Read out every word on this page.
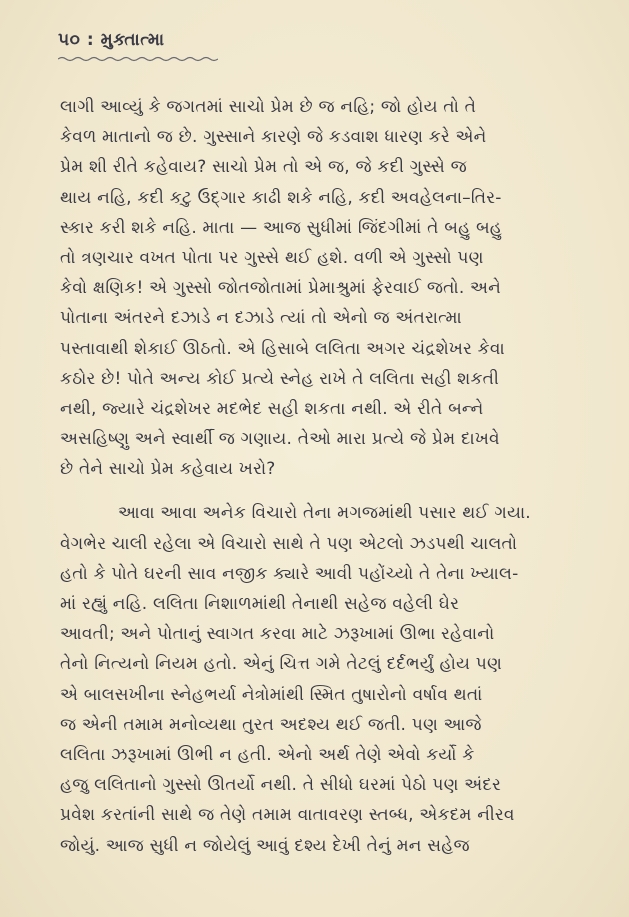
૫૦ : મુક્તાત્મા
લાગી આવ્યું કે જગતમાં સાચો પ્રેમ છે જ નહિ; જો હોય તો તે
કેવળ માતાનો જ છે. ગુસ્સાને કારણે જે કડવાશ ધારણ કરે એને
પ્રેમ શી રીતે કહેવાય? સાચો પ્રેમ તો એ જ, જે કદી ગુસ્સે જ
થાય નહિ, કદી કટુ ઉદ્ગાર કાઢી શકે નહિ, કદી અવહેલના–તિર-
સ્કાર કરી શકે નહિ. માતા — આજ સુધીમાં જિંદગીમાં તે બહુ બહુ
તો ત્રણચાર વખત પોતા પર ગુસ્સે થઈ હશે. વળી એ ગુસ્સો પણ
કેવો ક્ષણિક! એ ગુસ્સો જોતજોતામાં પ્રેમાશ્રુમાં ફેરવાઈ જતો. અને
પોતાના અંતરને દઝાડે ન દઝાડે ત્યાં તો એનો જ અંતરાત્મા
પસ્તાવાથી શેકાઈ ઊઠતો. એ હિસાબે લલિતા અગર ચંદ્રશેખર કેવા
કઠોર છે! પોતે અન્ય કોઈ પ્રત્યે સ્નેહ રાખે તે લલિતા સહી શકતી
નથી, જ્યારે ચંદ્રશેખર મદભેદ સહી શકતા નથી. એ રીતે બન્ને
અસહિષ્ણુ અને સ્વાર્થી જ ગણાય. તેઓ મારા પ્રત્યે જે પ્રેમ દાખવે
છે તેને સાચો પ્રેમ કહેવાય ખરો?
આવા આવા અનેક વિચારો તેના મગજમાંથી પસાર થઈ ગયા.
વેગભેર ચાલી રહેલા એ વિચારો સાથે તે પણ એટલો ઝડપથી ચાલતો
હતો કે પોતે ઘરની સાવ નજીક ક્યારે આવી પહોંચ્યો તે તેના ખ્યાલ-
માં રહ્યું નહિ. લલિતા નિશાળમાંથી તેનાથી સહેજ વહેલી ઘેર
આવતી; અને પોતાનું સ્વાગત કરવા માટે ઝરૂખામાં ઊભા રહેવાનો
તેનો નિત્યનો નિયમ હતો. એનું ચિત્ત ગમે તેટલું દર્દભર્યું હોય પણ
એ બાલસખીના સ્નેહભર્યા નેત્રોમાંથી સ્મિત તુષારોનો વર્ષાવ થતાં
જ એની તમામ મનોવ્યથા તુરત અદશ્ય થઈ જતી. પણ આજે
લલિતા ઝરૂખામાં ઊભી ન હતી. એનો અર્થ તેણે એવો કર્યો કે
હજુ લલિતાનો ગુસ્સો ઊતર્યો નથી. તે સીધો ઘરમાં પેઠો પણ અંદર
પ્રવેશ કરતાંની સાથે જ તેણે તમામ વાતાવરણ સ્તબ્ધ, એકદમ નીરવ
જોયું. આજ સુધી ન જોયેલું આવું દશ્ય દેખી તેનું મન સહેજ
